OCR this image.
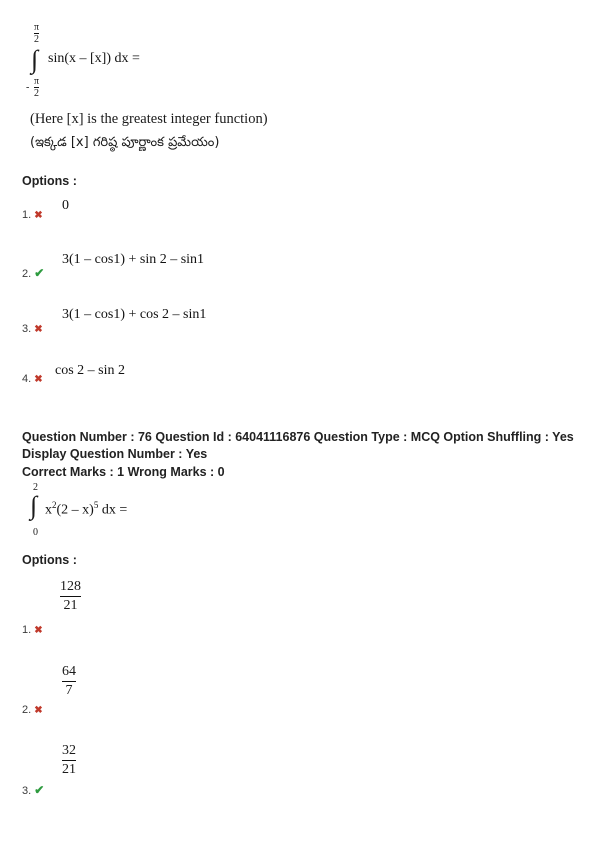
π
2
∫ sin(x – [x]) dx =
-
π
2
(Here [x] is the greatest integer function)
(ఇక్కడ [x] గరిష్ఠ పూర్ణాంక ప్రమేయం)
Options :
1. ✖
0
2. ✔
3(1 – cos1) + sin 2 – sin1
3. ✖
3(1 – cos1) + cos 2 – sin1
4. ✖
cos 2 – sin 2
Question Number : 76 Question Id : 64041116876 Question Type : MCQ Option Shuffling : Yes
Display Question Number : Yes
Correct Marks : 1 Wrong Marks : 0
2
∫ $x^2(2 - x)^5$ dx =
0
Options :
128
21
1. ✖
64
7
2. ✖
32
21
3. ✔
